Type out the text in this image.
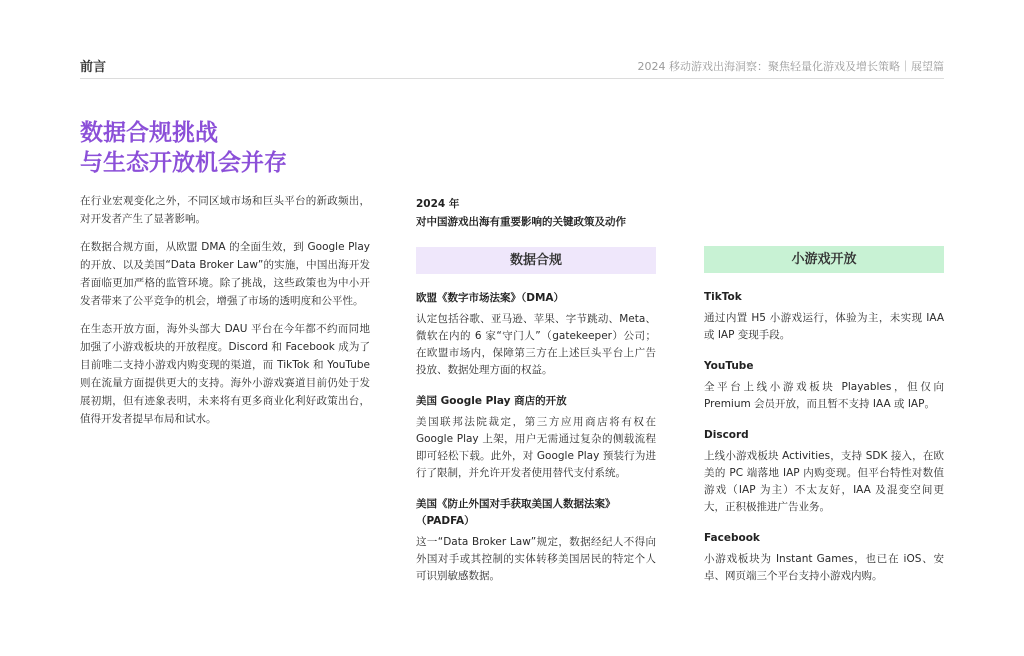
前言	2024 移动游戏出海洞察：聚焦轻量化游戏及增长策略｜展望篇
数据合规挑战
与生态开放机会并存

在行业宏观变化之外，不同区域市场和巨头平台的新政频出，对开发者产生了显著影响。

在数据合规方面，从欧盟 DMA 的全面生效，到 Google Play 的开放、以及美国“Data Broker Law”的实施，中国出海开发者面临更加严格的监管环境。除了挑战，这些政策也为中小开发者带来了公平竞争的机会，增强了市场的透明度和公平性。

在生态开放方面，海外头部大 DAU 平台在今年都不约而同地加强了小游戏板块的开放程度。Discord 和 Facebook 成为了目前唯二支持小游戏内购变现的渠道，而 TikTok 和 YouTube 则在流量方面提供更大的支持。海外小游戏赛道目前仍处于发展初期，但有迹象表明，未来将有更多商业化利好政策出台，值得开发者提早布局和试水。

2024 年

对中国游戏出海有重要影响的关键政策及动作

数据合规
欧盟《数字市场法案》（DMA）

认定包括谷歌、亚马逊、苹果、字节跳动、Meta、微软在内的 6 家“守门人”（gatekeeper）公司；在欧盟市场内，保障第三方在上述巨头平台上广告投放、数据处理方面的权益。

美国 Google Play 商店的开放

美国联邦法院裁定，第三方应用商店将有权在 Google Play 上架，用户无需通过复杂的侧载流程即可轻松下载。此外，对 Google Play 预装行为进行了限制，并允许开发者使用替代支付系统。

美国《防止外国对手获取美国人数据法案》（PADFA）

这一“Data Broker Law”规定，数据经纪人不得向外国对手或其控制的实体转移美国居民的特定个人可识别敏感数据。

小游戏开放
TikTok

通过内置 H5 小游戏运行，体验为主，未实现 IAA 或 IAP 变现手段。

YouTube

全平台上线小游戏板块 Playables，但仅向 Premium 会员开放，而且暂不支持 IAA 或 IAP。

Discord

上线小游戏板块 Activities，支持 SDK 接入，在欧美的 PC 端落地 IAP 内购变现。但平台特性对数值游戏（IAP 为主）不太友好，IAA 及混变空间更大，正积极推进广告业务。

Facebook

小游戏板块为 Instant Games，也已在 iOS、安卓、网页端三个平台支持小游戏内购。
